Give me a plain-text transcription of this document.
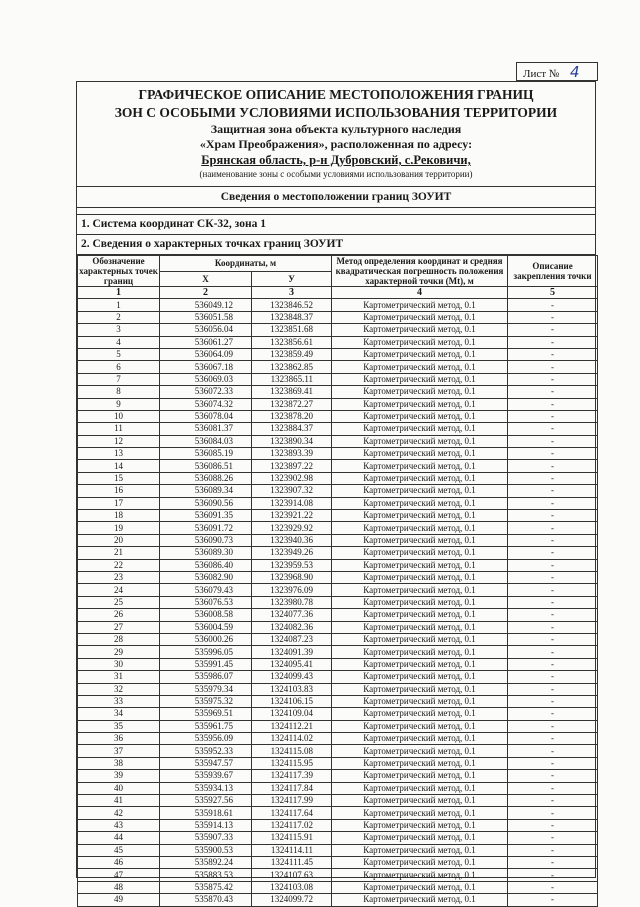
Лист № 4
ГРАФИЧЕСКОЕ ОПИСАНИЕ МЕСТОПОЛОЖЕНИЯ ГРАНИЦ
ЗОН С ОСОБЫМИ УСЛОВИЯМИ ИСПОЛЬЗОВАНИЯ ТЕРРИТОРИИ
Защитная зона объекта культурного наследия
«Храм Преображения», расположенная по адресу:
Брянская область, р-н Дубровский, с.Рековичи,
(наименование зоны с особыми условиями использования территории)
Сведения о местоположении границ ЗОУИТ
1. Система координат СК-32, зона 1
2. Сведения о характерных точках границ ЗОУИТ
Обозначение характерных точек границ	Координаты, м		Метод определения координат и средняя квадратическая погрешность положения характерной точки (Mt), м	Описание закрепления точки
	X	У		
1	2	3	4	5
1	536049.12	1323846.52	Картометрический метод, 0.1	-
2	536051.58	1323848.37	Картометрический метод, 0.1	-
3	536056.04	1323851.68	Картометрический метод, 0.1	-
4	536061.27	1323856.61	Картометрический метод, 0.1	-
5	536064.09	1323859.49	Картометрический метод, 0.1	-
6	536067.18	1323862.85	Картометрический метод, 0.1	-
7	536069.03	1323865.11	Картометрический метод, 0.1	-
8	536072.33	1323869.41	Картометрический метод, 0.1	-
9	536074.32	1323872.27	Картометрический метод, 0.1	-
10	536078.04	1323878.20	Картометрический метод, 0.1	-
11	536081.37	1323884.37	Картометрический метод, 0.1	-
12	536084.03	1323890.34	Картометрический метод, 0.1	-
13	536085.19	1323893.39	Картометрический метод, 0.1	-
14	536086.51	1323897.22	Картометрический метод, 0.1	-
15	536088.26	1323902.98	Картометрический метод, 0.1	-
16	536089.34	1323907.32	Картометрический метод, 0.1	-
17	536090.56	1323914.08	Картометрический метод, 0.1	-
18	536091.35	1323921.22	Картометрический метод, 0.1	-
19	536091.72	1323929.92	Картометрический метод, 0.1	-
20	536090.73	1323940.36	Картометрический метод, 0.1	-
21	536089.30	1323949.26	Картометрический метод, 0.1	-
22	536086.40	1323959.53	Картометрический метод, 0.1	-
23	536082.90	1323968.90	Картометрический метод, 0.1	-
24	536079.43	1323976.09	Картометрический метод, 0.1	-
25	536076.53	1323980.78	Картометрический метод, 0.1	-
26	536008.58	1324077.36	Картометрический метод, 0.1	-
27	536004.59	1324082.36	Картометрический метод, 0.1	-
28	536000.26	1324087.23	Картометрический метод, 0.1	-
29	535996.05	1324091.39	Картометрический метод, 0.1	-
30	535991.45	1324095.41	Картометрический метод, 0.1	-
31	535986.07	1324099.43	Картометрический метод, 0.1	-
32	535979.34	1324103.83	Картометрический метод, 0.1	-
33	535975.32	1324106.15	Картометрический метод, 0.1	-
34	535969.51	1324109.04	Картометрический метод, 0.1	-
35	535961.75	1324112.21	Картометрический метод, 0.1	-
36	535956.09	1324114.02	Картометрический метод, 0.1	-
37	535952.33	1324115.08	Картометрический метод, 0.1	-
38	535947.57	1324115.95	Картометрический метод, 0.1	-
39	535939.67	1324117.39	Картометрический метод, 0.1	-
40	535934.13	1324117.84	Картометрический метод, 0.1	-
41	535927.56	1324117.99	Картометрический метод, 0.1	-
42	535918.61	1324117.64	Картометрический метод, 0.1	-
43	535914.13	1324117.02	Картометрический метод, 0.1	-
44	535907.33	1324115.91	Картометрический метод, 0.1	-
45	535900.53	1324114.11	Картометрический метод, 0.1	-
46	535892.24	1324111.45	Картометрический метод, 0.1	-
47	535883.53	1324107.63	Картометрический метод, 0.1	-
48	535875.42	1324103.08	Картометрический метод, 0.1	-
49	535870.43	1324099.72	Картометрический метод, 0.1	-
